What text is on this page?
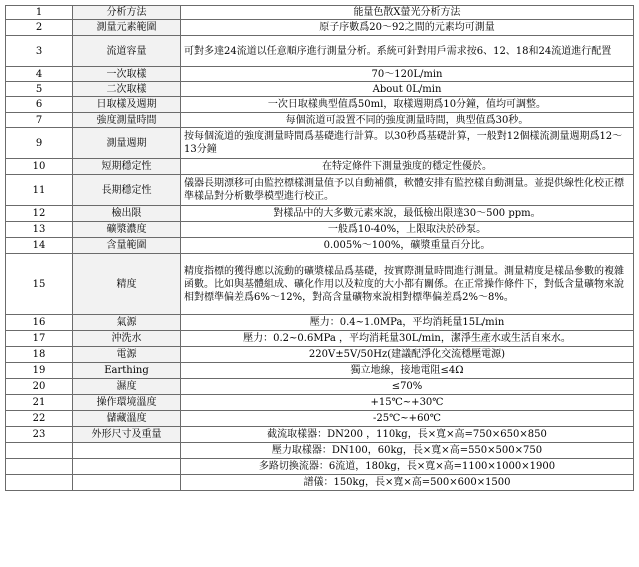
1	分析方法	能量色散X螢光分析方法
2	測量元素範圍	原子序數爲20～92之間的元素均可測量
3	流道容量	可對多達24流道以任意順序進行測量分析。系統可針對用戶需求按6、12、18和24流道進行配置
4	一次取樣	70～120L/min
5	二次取樣	About 0L/min
6	日取樣及週期	一次日取樣典型值爲50ml，取樣週期爲10分鐘，值均可調整。
7	強度測量時間	每個流道可設置不同的強度測量時間，典型值爲30秒。
9	測量週期	按每個流道的強度測量時間爲基礎進行計算。以30秒爲基礎計算，一般對12個樣流測量週期爲12～13分鐘
10	短期穩定性	在特定條件下測量強度的穩定性優於。
11	長期穩定性	儀器長期漂移可由監控標樣測量值予以自動補償，軟體安排有監控樣自動測量。並提供線性化校正標準樣品對分析數學模型進行校正。
12	檢出限	對樣品中的大多數元素來說，最低檢出限達30～500 ppm。
13	礦漿濃度	一般爲10-40%，上限取決於砂泵。
14	含量範圍	0.005%～100%，礦漿重量百分比。
15	精度	精度指標的獲得應以流動的礦漿樣品爲基礎，按實際測量時間進行測量。測量精度是樣品參數的複雜函數。比如與基體組成、礦化作用以及粒度的大小都有關係。在正常操作條件下，對低含量礦物來說相對標準偏差爲6%～12%，對高含量礦物來說相對標準偏差爲2%～8%。
16	氣源	壓力：0.4~1.0MPa，平均消耗量15L/min
17	沖洗水	壓力：0.2~0.6MPa ，平均消耗量30L/min，潔淨生產水或生活自來水。
18	電源	220V±5V/50Hz(建議配淨化交流穩壓電源)
19	Earthing	獨立地線，接地電阻≤4Ω
20	濕度	≤70%
21	操作環境溫度	+15℃~+30℃
22	儲藏溫度	-25℃~+60℃
23	外形尺寸及重量	截流取樣器：DN200 ，110kg，長×寬×高=750×650×850
		壓力取樣器：DN100，60kg，長×寬×高=550×500×750
		多路切換流器：6流道，180kg，長×寬×高=1100×1000×1900
		譜儀：150kg，長×寬×高=500×600×1500
